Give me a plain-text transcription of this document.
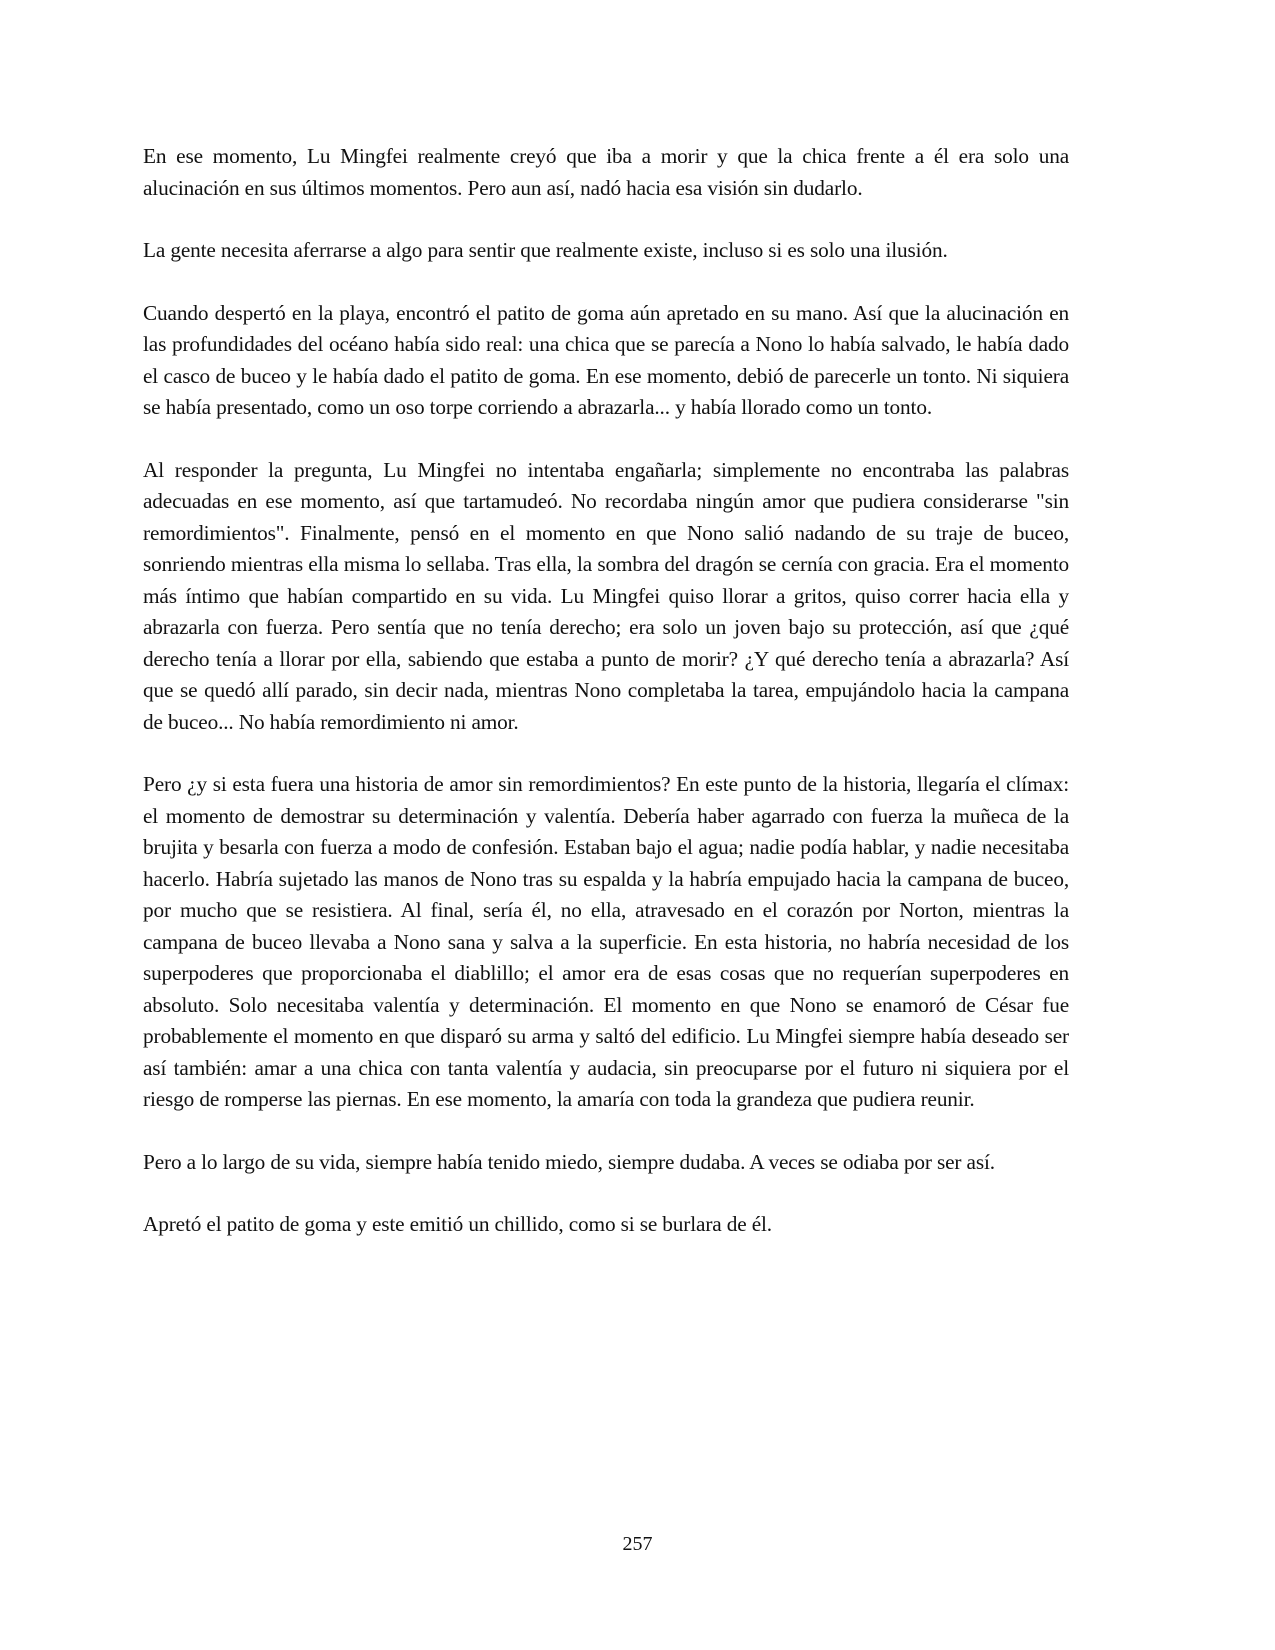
En ese momento, Lu Mingfei realmente creyó que iba a morir y que la chica frente a él era solo una alucinación en sus últimos momentos. Pero aun así, nadó hacia esa visión sin dudarlo.

La gente necesita aferrarse a algo para sentir que realmente existe, incluso si es solo una ilusión.

Cuando despertó en la playa, encontró el patito de goma aún apretado en su mano. Así que la alucinación en las profundidades del océano había sido real: una chica que se parecía a Nono lo había salvado, le había dado el casco de buceo y le había dado el patito de goma. En ese momento, debió de parecerle un tonto. Ni siquiera se había presentado, como un oso torpe corriendo a abrazarla... y había llorado como un tonto.

Al responder la pregunta, Lu Mingfei no intentaba engañarla; simplemente no encontraba las palabras adecuadas en ese momento, así que tartamudeó. No recordaba ningún amor que pudiera considerarse "sin remordimientos". Finalmente, pensó en el momento en que Nono salió nadando de su traje de buceo, sonriendo mientras ella misma lo sellaba. Tras ella, la sombra del dragón se cernía con gracia. Era el momento más íntimo que habían compartido en su vida. Lu Mingfei quiso llorar a gritos, quiso correr hacia ella y abrazarla con fuerza. Pero sentía que no tenía derecho; era solo un joven bajo su protección, así que ¿qué derecho tenía a llorar por ella, sabiendo que estaba a punto de morir? ¿Y qué derecho tenía a abrazarla? Así que se quedó allí parado, sin decir nada, mientras Nono completaba la tarea, empujándolo hacia la campana de buceo... No había remordimiento ni amor.

Pero ¿y si esta fuera una historia de amor sin remordimientos? En este punto de la historia, llegaría el clímax: el momento de demostrar su determinación y valentía. Debería haber agarrado con fuerza la muñeca de la brujita y besarla con fuerza a modo de confesión. Estaban bajo el agua; nadie podía hablar, y nadie necesitaba hacerlo. Habría sujetado las manos de Nono tras su espalda y la habría empujado hacia la campana de buceo, por mucho que se resistiera. Al final, sería él, no ella, atravesado en el corazón por Norton, mientras la campana de buceo llevaba a Nono sana y salva a la superficie. En esta historia, no habría necesidad de los superpoderes que proporcionaba el diablillo; el amor era de esas cosas que no requerían superpoderes en absoluto. Solo necesitaba valentía y determinación. El momento en que Nono se enamoró de César fue probablemente el momento en que disparó su arma y saltó del edificio. Lu Mingfei siempre había deseado ser así también: amar a una chica con tanta valentía y audacia, sin preocuparse por el futuro ni siquiera por el riesgo de romperse las piernas. En ese momento, la amaría con toda la grandeza que pudiera reunir.

Pero a lo largo de su vida, siempre había tenido miedo, siempre dudaba. A veces se odiaba por ser así.

Apretó el patito de goma y este emitió un chillido, como si se burlara de él.

257
